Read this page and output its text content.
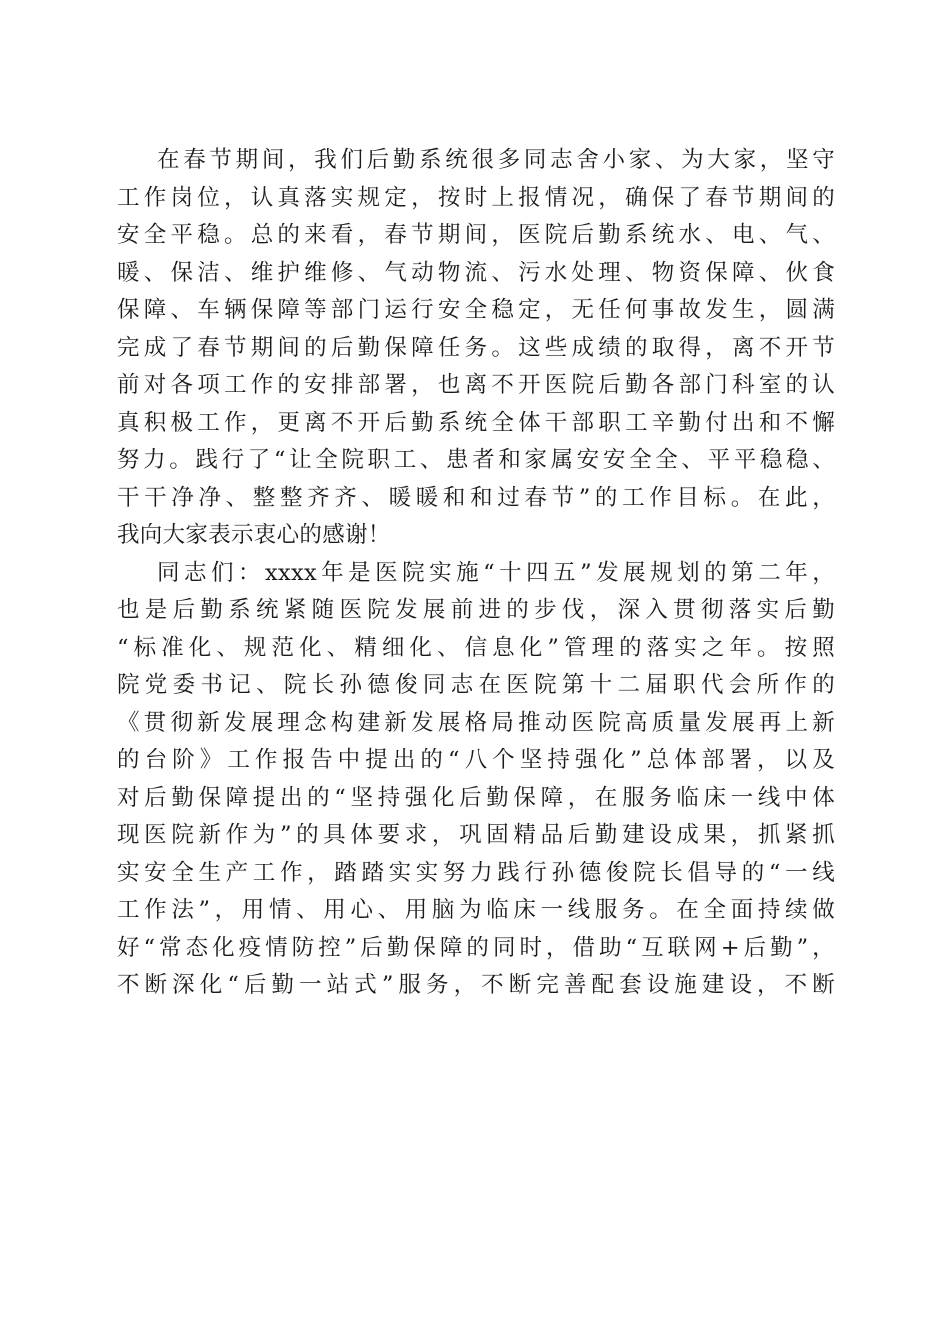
在春节期间，我们后勤系统很多同志舍小家、为大家，坚守
工作岗位，认真落实规定，按时上报情况，确保了春节期间的
安全平稳。总的来看，春节期间，医院后勤系统水、电、气、
暖、保洁、维护维修、气动物流、污水处理、物资保障、伙食
保障、车辆保障等部门运行安全稳定，无任何事故发生，圆满
完成了春节期间的后勤保障任务。这些成绩的取得，离不开节
前对各项工作的安排部署，也离不开医院后勤各部门科室的认
真积极工作，更离不开后勤系统全体干部职工辛勤付出和不懈
努力。践行了“让全院职工、患者和家属安安全全、平平稳稳、
干干净净、整整齐齐、暖暖和和过春节”的工作目标。在此，
我向大家表示衷心的感谢！
同志们：xxxx年是医院实施“十四五”发展规划的第二年，
也是后勤系统紧随医院发展前进的步伐，深入贯彻落实后勤
“标准化、规范化、精细化、信息化”管理的落实之年。按照
院党委书记、院长孙德俊同志在医院第十二届职代会所作的
《贯彻新发展理念构建新发展格局推动医院高质量发展再上新
的台阶》工作报告中提出的“八个坚持强化”总体部署，以及
对后勤保障提出的“坚持强化后勤保障，在服务临床一线中体
现医院新作为”的具体要求，巩固精品后勤建设成果，抓紧抓
实安全生产工作，踏踏实实努力践行孙德俊院长倡导的“一线
工作法”，用情、用心、用脑为临床一线服务。在全面持续做
好“常态化疫情防控”后勤保障的同时，借助“互联网+后勤”，
不断深化“后勤一站式”服务，不断完善配套设施建设，不断
